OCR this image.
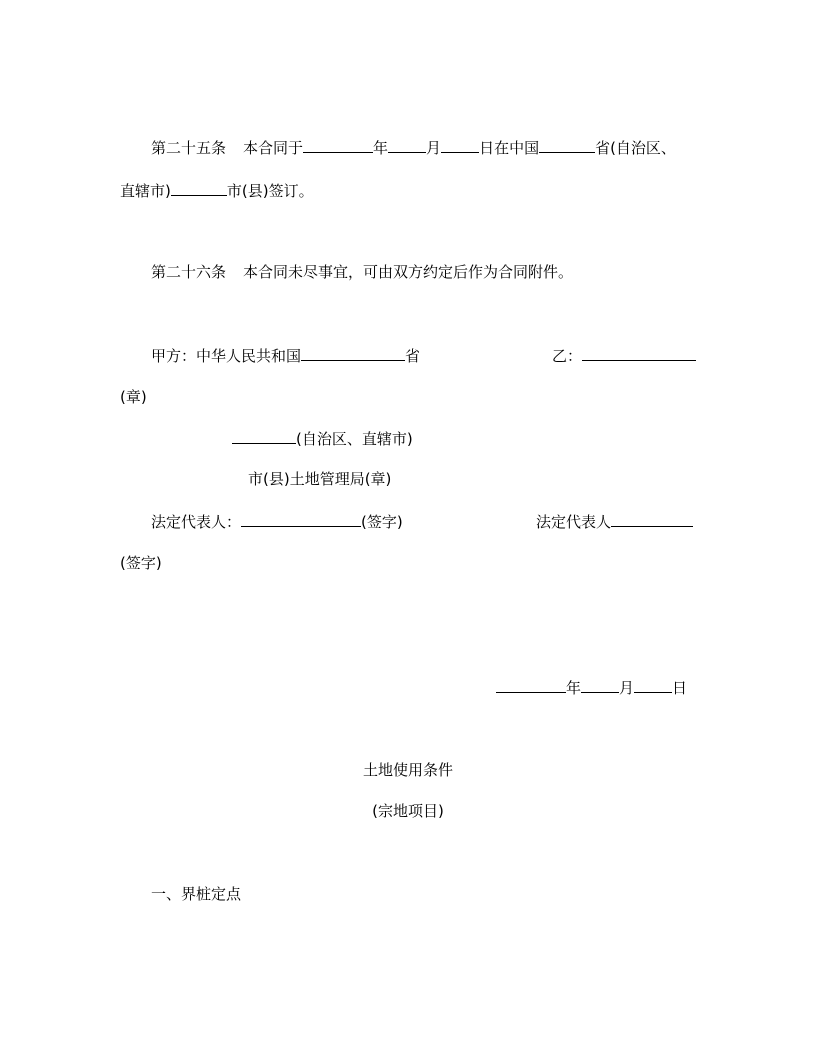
第二十五条 本合同于	年	月	日在中国	省(自治区、
直辖市)	市(县)签订。
第二十六条 本合同未尽事宜，可由双方约定后作为合同附件。
甲方：中华人民共和国	省	乙：
(章)
(自治区、直辖市)
市(县)土地管理局(章)
法定代表人：	(签字)	法定代表人
(签字)
年	月	日
土地使用条件
(宗地项目)
一、界桩定点
